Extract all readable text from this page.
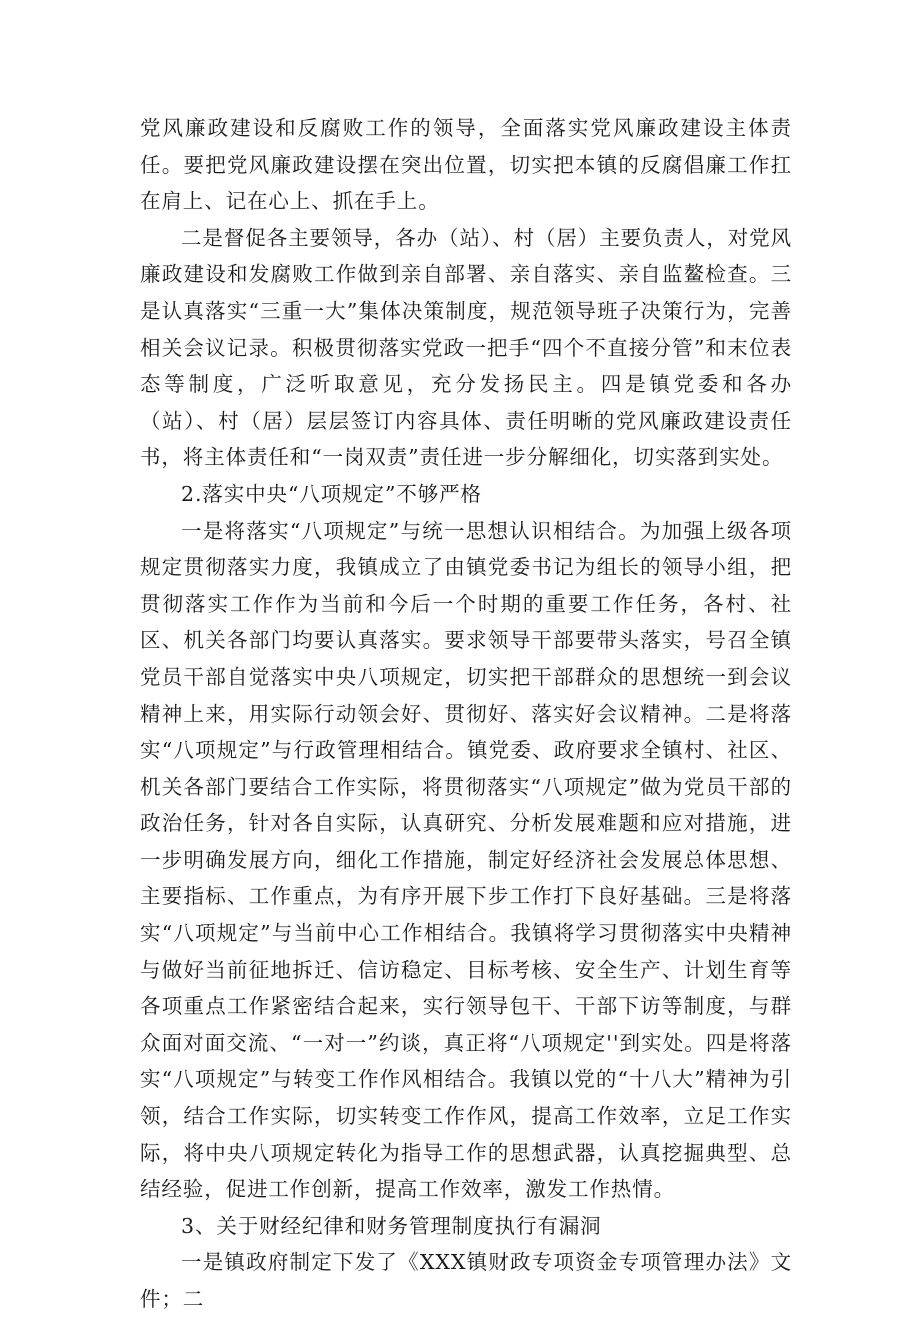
党风廉政建设和反腐败工作的领导，全面落实党风廉政建设主体责任。要把党风廉政建设摆在突出位置，切实把本镇的反腐倡廉工作扛在肩上、记在心上、抓在手上。

二是督促各主要领导，各办（站）、村（居）主要负责人，对党风廉政建设和发腐败工作做到亲自部署、亲自落实、亲自监鳌检查。三是认真落实“三重一大”集体决策制度，规范领导班子决策行为，完善相关会议记录。积极贯彻落实党政一把手“四个不直接分管”和末位表态等制度，广泛听取意见，充分发扬民主。四是镇党委和各办（站）、村（居）层层签订内容具体、责任明晰的党风廉政建设责任书，将主体责任和“一岗双责”责任进一步分解细化，切实落到实处。

2.落实中央“八项规定”不够严格

一是将落实“八项规定”与统一思想认识相结合。为加强上级各项规定贯彻落实力度，我镇成立了由镇党委书记为组长的领导小组，把贯彻落实工作作为当前和今后一个时期的重要工作任务，各村、社区、机关各部门均要认真落实。要求领导干部要带头落实，号召全镇党员干部自觉落实中央八项规定，切实把干部群众的思想统一到会议精神上来，用实际行动领会好、贯彻好、落实好会议精神。二是将落实“八项规定”与行政管理相结合。镇党委、政府要求全镇村、社区、机关各部门要结合工作实际，将贯彻落实“八项规定”做为党员干部的政治任务，针对各自实际，认真研究、分析发展难题和应对措施，进一步明确发展方向，细化工作措施，制定好经济社会发展总体思想、主要指标、工作重点，为有序开展下步工作打下良好基础。三是将落实“八项规定”与当前中心工作相结合。我镇将学习贯彻落实中央精神与做好当前征地拆迁、信访稳定、目标考核、安全生产、计划生育等各项重点工作紧密结合起来，实行领导包干、干部下访等制度，与群众面对面交流、“一对一”约谈，真正将“八项规定''到实处。四是将落实“八项规定”与转变工作作风相结合。我镇以党的“十八大”精神为引领，结合工作实际，切实转变工作作风，提高工作效率，立足工作实际，将中央八项规定转化为指导工作的思想武器，认真挖掘典型、总结经验，促进工作创新，提高工作效率，激发工作热情。

3、关于财经纪律和财务管理制度执行有漏洞

一是镇政府制定下发了《XXX镇财政专项资金专项管理办法》文件；二
